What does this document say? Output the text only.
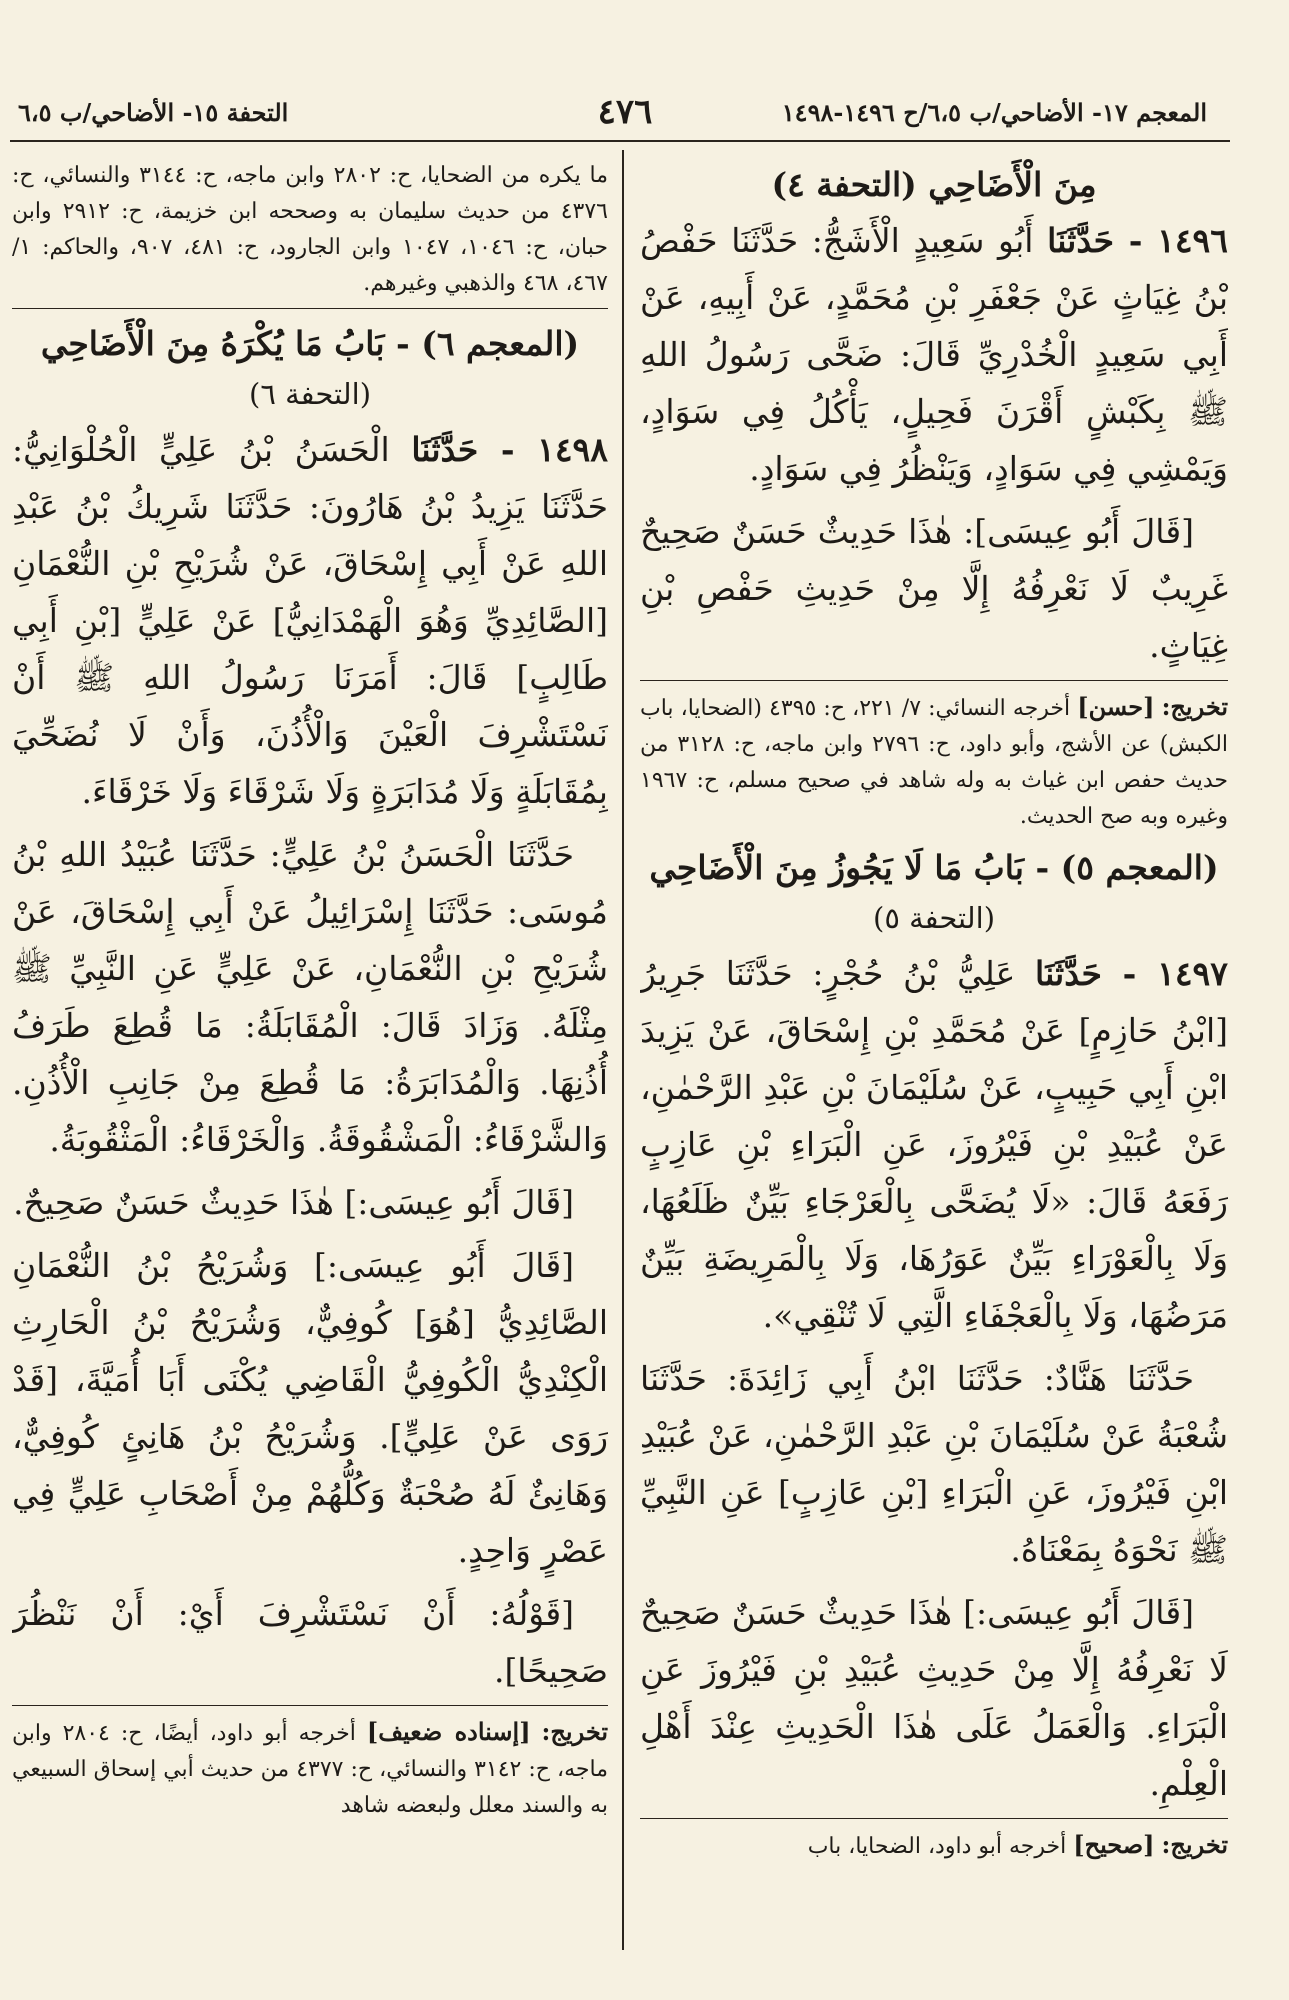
المعجم ١٧- الأضاحي/ب ٦،٥/ح ١٤٩٦-١٤٩٨
٤٧٦
التحفة ١٥- الأضاحي/ب ٦،٥

مِنَ الْأَضَاحِي (التحفة ٤)

١٤٩٦ - حَدَّثَنَا أَبُو سَعِيدٍ الْأَشَجُّ: حَدَّثَنَا حَفْصُ بْنُ غِيَاثٍ عَنْ جَعْفَرِ بْنِ مُحَمَّدٍ، عَنْ أَبِيهِ، عَنْ أَبِي سَعِيدٍ الْخُدْرِيِّ قَالَ: ضَحَّى رَسُولُ اللهِ ﷺ بِكَبْشٍ أَقْرَنَ فَحِيلٍ، يَأْكُلُ فِي سَوَادٍ، وَيَمْشِي فِي سَوَادٍ، وَيَنْظُرُ فِي سَوَادٍ.

[قَالَ أَبُو عِيسَى]: هٰذَا حَدِيثٌ حَسَنٌ صَحِيحٌ غَرِيبٌ لَا نَعْرِفُهُ إِلَّا مِنْ حَدِيثِ حَفْصِ بْنِ غِيَاثٍ.

تخريج: [حسن] أخرجه النسائي: ٧/ ٢٢١، ح: ٤٣٩٥ (الضحايا، باب الكبش) عن الأشج، وأبو داود، ح: ٢٧٩٦ وابن ماجه، ح: ٣١٢٨ من حديث حفص ابن غياث به وله شاهد في صحيح مسلم، ح: ١٩٦٧ وغيره وبه صح الحديث.

(المعجم ٥) - بَابُ مَا لَا يَجُوزُ مِنَ الْأَضَاحِي

(التحفة ٥)

١٤٩٧ - حَدَّثَنَا عَلِيُّ بْنُ حُجْرٍ: حَدَّثَنَا جَرِيرُ [ابْنُ حَازِمٍ] عَنْ مُحَمَّدِ بْنِ إِسْحَاقَ، عَنْ يَزِيدَ ابْنِ أَبِي حَبِيبٍ، عَنْ سُلَيْمَانَ بْنِ عَبْدِ الرَّحْمٰنِ، عَنْ عُبَيْدِ بْنِ فَيْرُوزَ، عَنِ الْبَرَاءِ بْنِ عَازِبٍ رَفَعَهُ قَالَ: «لَا يُضَحَّى بِالْعَرْجَاءِ بَيِّنٌ ظَلَعُهَا، وَلَا بِالْعَوْرَاءِ بَيِّنٌ عَوَرُهَا، وَلَا بِالْمَرِيضَةِ بَيِّنٌ مَرَضُهَا، وَلَا بِالْعَجْفَاءِ الَّتِي لَا تُنْقِي».

حَدَّثَنَا هَنَّادٌ: حَدَّثَنَا ابْنُ أَبِي زَائِدَةَ: حَدَّثَنَا شُعْبَةُ عَنْ سُلَيْمَانَ بْنِ عَبْدِ الرَّحْمٰنِ، عَنْ عُبَيْدِ ابْنِ فَيْرُوزَ، عَنِ الْبَرَاءِ [بْنِ عَازِبٍ] عَنِ النَّبِيِّ ﷺ نَحْوَهُ بِمَعْنَاهُ.

[قَالَ أَبُو عِيسَى:] هٰذَا حَدِيثٌ حَسَنٌ صَحِيحٌ لَا نَعْرِفُهُ إِلَّا مِنْ حَدِيثِ عُبَيْدِ بْنِ فَيْرُوزَ عَنِ الْبَرَاءِ. وَالْعَمَلُ عَلَى هٰذَا الْحَدِيثِ عِنْدَ أَهْلِ الْعِلْمِ.

تخريج: [صحيح] أخرجه أبو داود، الضحايا، باب

ما يكره من الضحايا، ح: ٢٨٠٢ وابن ماجه، ح: ٣١٤٤ والنسائي، ح: ٤٣٧٦ من حديث سليمان به وصححه ابن خزيمة، ح: ٢٩١٢ وابن حبان، ح: ١٠٤٦، ١٠٤٧ وابن الجارود، ح: ٤٨١، ٩٠٧، والحاكم: ١/ ٤٦٧، ٤٦٨ والذهبي وغيرهم.

(المعجم ٦) - بَابُ مَا يُكْرَهُ مِنَ الْأَضَاحِي

(التحفة ٦)

١٤٩٨ - حَدَّثَنَا الْحَسَنُ بْنُ عَلِيٍّ الْحُلْوَانِيُّ: حَدَّثَنَا يَزِيدُ بْنُ هَارُونَ: حَدَّثَنَا شَرِيكُ بْنُ عَبْدِ اللهِ عَنْ أَبِي إِسْحَاقَ، عَنْ شُرَيْحِ بْنِ النُّعْمَانِ [الصَّائِدِيِّ وَهُوَ الْهَمْدَانِيُّ] عَنْ عَلِيٍّ [بْنِ أَبِي طَالِبٍ] قَالَ: أَمَرَنَا رَسُولُ اللهِ ﷺ أَنْ نَسْتَشْرِفَ الْعَيْنَ وَالْأُذُنَ، وَأَنْ لَا نُضَحِّيَ بِمُقَابَلَةٍ وَلَا مُدَابَرَةٍ وَلَا شَرْقَاءَ وَلَا خَرْقَاءَ.

حَدَّثَنَا الْحَسَنُ بْنُ عَلِيٍّ: حَدَّثَنَا عُبَيْدُ اللهِ بْنُ مُوسَى: حَدَّثَنَا إِسْرَائِيلُ عَنْ أَبِي إِسْحَاقَ، عَنْ شُرَيْحِ بْنِ النُّعْمَانِ، عَنْ عَلِيٍّ عَنِ النَّبِيِّ ﷺ مِثْلَهُ. وَزَادَ قَالَ: الْمُقَابَلَةُ: مَا قُطِعَ طَرَفُ أُذُنِهَا. وَالْمُدَابَرَةُ: مَا قُطِعَ مِنْ جَانِبِ الْأُذُنِ. وَالشَّرْقَاءُ: الْمَشْقُوقَةُ. وَالْخَرْقَاءُ: الْمَثْقُوبَةُ.

[قَالَ أَبُو عِيسَى:] هٰذَا حَدِيثٌ حَسَنٌ صَحِيحٌ.

[قَالَ أَبُو عِيسَى:] وَشُرَيْحُ بْنُ النُّعْمَانِ الصَّائِدِيُّ [هُوَ] كُوفِيٌّ، وَشُرَيْحُ بْنُ الْحَارِثِ الْكِنْدِيُّ الْكُوفِيُّ الْقَاضِي يُكْنَى أَبَا أُمَيَّةَ، [قَدْ رَوَى عَنْ عَلِيٍّ]. وَشُرَيْحُ بْنُ هَانِئٍ كُوفِيٌّ، وَهَانِئٌ لَهُ صُحْبَةٌ وَكُلُّهُمْ مِنْ أَصْحَابِ عَلِيٍّ فِي عَصْرٍ وَاحِدٍ.

[قَوْلُهُ: أَنْ نَسْتَشْرِفَ أَيْ: أَنْ نَنْظُرَ صَحِيحًا].

تخريج: [إسناده ضعيف] أخرجه أبو داود، أيضًا، ح: ٢٨٠٤ وابن ماجه، ح: ٣١٤٢ والنسائي، ح: ٤٣٧٧ من حديث أبي إسحاق السبيعي به والسند معلل ولبعضه شاهد
